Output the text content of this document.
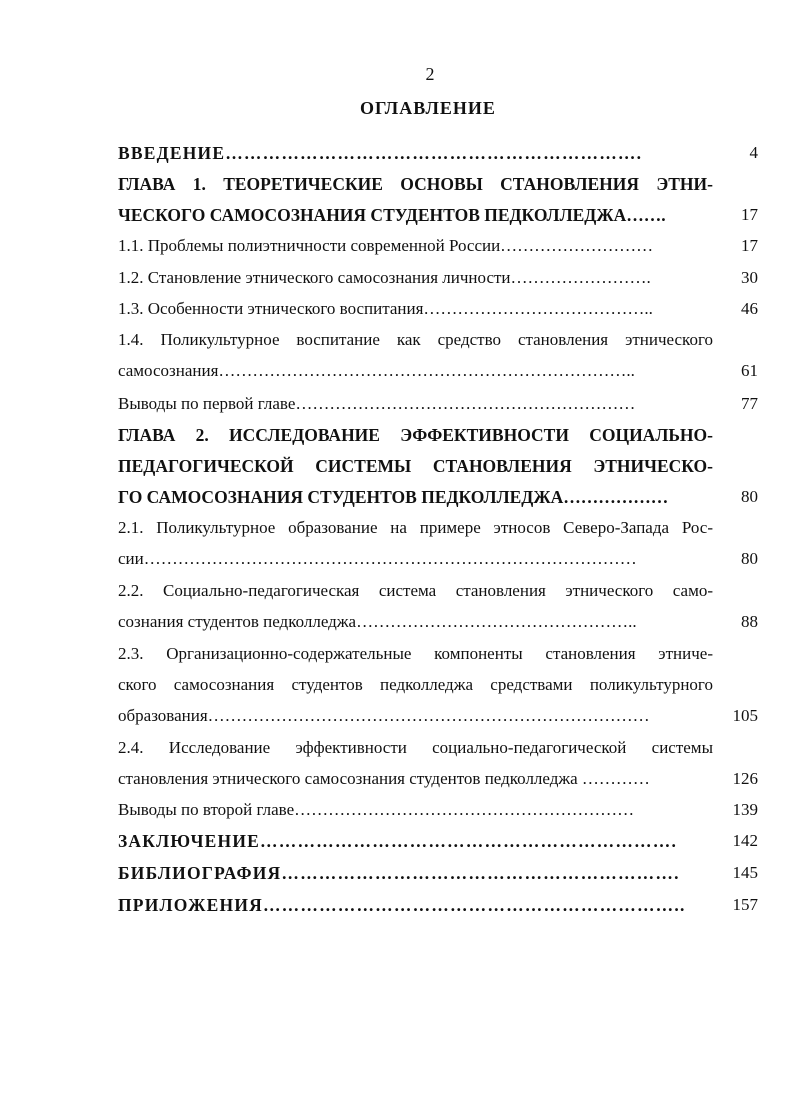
2
ОГЛАВЛЕНИЕ
ВВЕДЕНИЕ………………………………………………………….	4
ГЛАВА 1. ТЕОРЕТИЧЕСКИЕ ОСНОВЫ СТАНОВЛЕНИЯ ЭТНИ-
ЧЕСКОГО САМОСОЗНАНИЯ СТУДЕНТОВ ПЕДКОЛЛЕДЖА…….	17
1.1. Проблемы полиэтничности современной России………………………	17
1.2. Становление этнического самосознания личности…………………….	30
1.3. Особенности этнического воспитания…………………………………..	46
1.4. Поликультурное воспитание как средство становления этнического
самосознания………………………………………………………………..	61
Выводы по первой главе……………………………………………………	77
ГЛАВА 2. ИССЛЕДОВАНИЕ ЭФФЕКТИВНОСТИ СОЦИАЛЬНО-
ПЕДАГОГИЧЕСКОЙ СИСТЕМЫ СТАНОВЛЕНИЯ ЭТНИЧЕСКО-
ГО САМОСОЗНАНИЯ СТУДЕНТОВ ПЕДКОЛЛЕДЖА………………	80
2.1. Поликультурное образование на примере этносов Северо-Запада Рос-
сии……………………………………………………………………………	80
2.2. Социально-педагогическая система становления этнического само-
сознания студентов педколледжа…………………………………………..	88
2.3. Организационно-содержательные компоненты становления этниче-
ского самосознания студентов педколледжа средствами поликультурного
образования……………………………………………………………………	105
2.4. Исследование эффективности социально-педагогической системы
становления этнического самосознания студентов педколледжа …………	126
Выводы по второй главе……………………………………………………	139
ЗАКЛЮЧЕНИЕ………………………………………………………….	142
БИБЛИОГРАФИЯ……………………………………………………….	145
ПРИЛОЖЕНИЯ…………………………………………………………..	157
